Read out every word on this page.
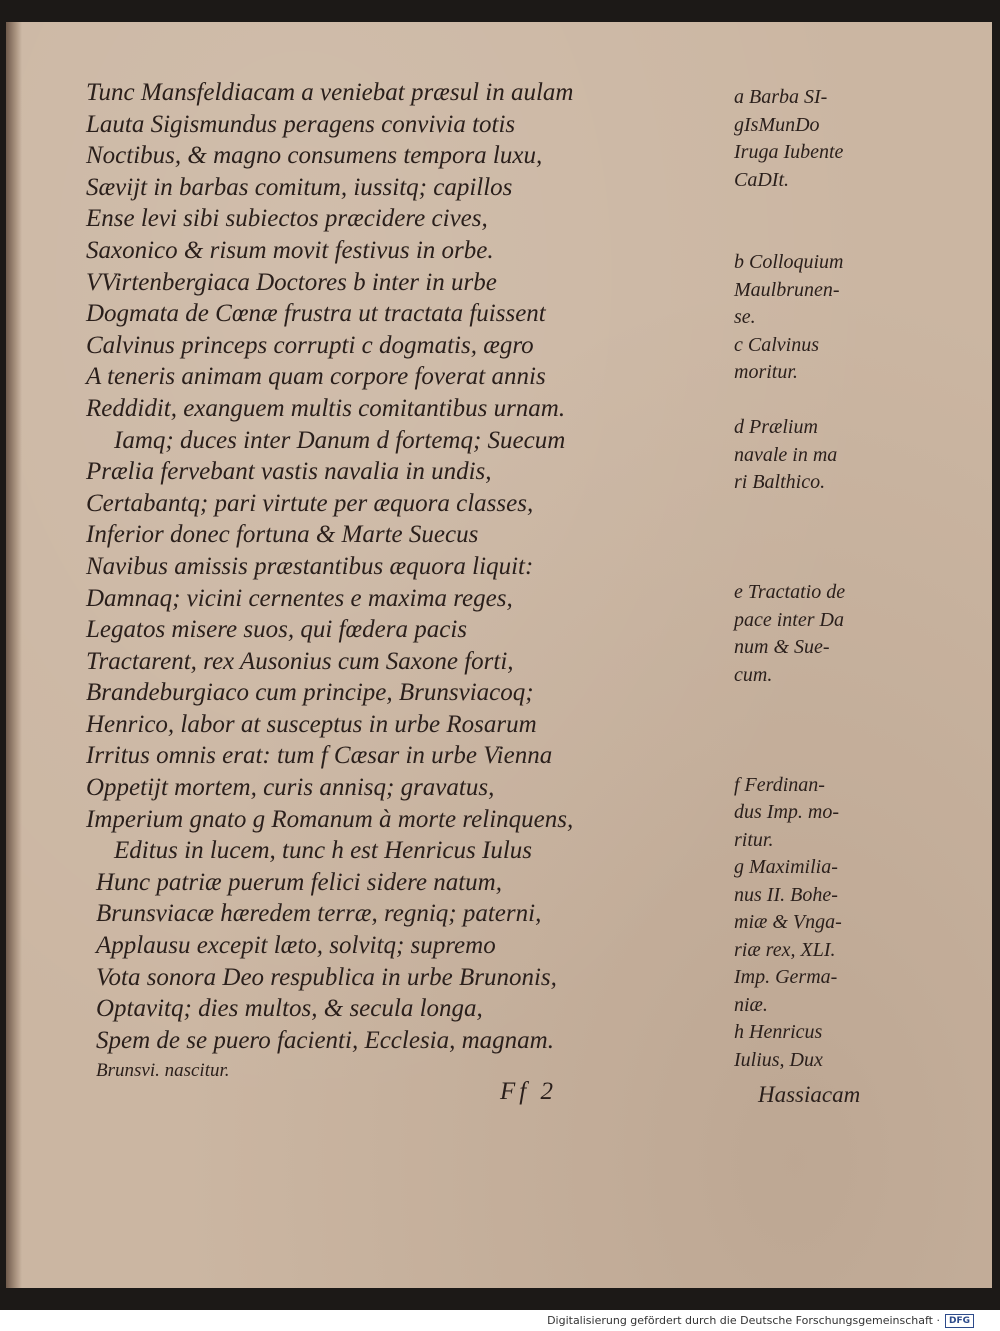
Tunc Mansfeldiacam a veniebat præsul in aulam
Lauta Sigismundus peragens convivia totis
Noctibus, & magno consumens tempora luxu,
Sævijt in barbas comitum, iussitq; capillos
Ense levi sibi subiectos præcidere cives,
Saxonico & risum movit festivus in orbe.
VVirtenbergiaca Doctores b inter in urbe
Dogmata de Cœnæ frustra ut tractata fuissent
Calvinus princeps corrupti c dogmatis, ægro
A teneris animam quam corpore foverat annis
Reddidit, exanguem multis comitantibus urnam.
Iamq; duces inter Danum d fortemq; Suecum
Prælia fervebant vastis navalia in undis,
Certabantq; pari virtute per æquora classes,
Inferior donec fortuna & Marte Suecus
Navibus amissis præstantibus æquora liquit:
Damnaq; vicini cernentes e maxima reges,
Legatos misere suos, qui fœdera pacis
Tractarent, rex Ausonius cum Saxone forti,
Brandeburgiaco cum principe, Brunsviacoq;
Henrico, labor at susceptus in urbe Rosarum
Irritus omnis erat: tum f Cæsar in urbe Vienna
Oppetijt mortem, curis annisq; gravatus,
Imperium gnato g Romanum à morte relinquens,
Editus in lucem, tunc h est Henricus Iulus
Hunc patriæ puerum felici sidere natum,
Brunsviacæ hæredem terræ, regniq; paterni,
Applausu excepit læto, solvitq; supremo
Vota sonora Deo respublica in urbe Brunonis,
Optavitq; dies multos, & secula longa,
Spem de se puero facienti, Ecclesia, magnam.
Brunsvi. nascitur.
a Barba SI-
gIsMunDo
Iruga Iubente
CaDIt.
b Colloquium
Maulbrunen-
se.
c Calvinus
moritur.
d Prælium
navale in ma
ri Balthico.
e Tractatio de
pace inter Da
num & Sue-
cum.
f Ferdinan-
dus Imp. mo-
ritur.
g Maximilia-
nus II. Bohe-
miæ & Vnga-
riæ rex, XLI.
Imp. Germa-
niæ.
h Henricus
Iulius, Dux
Ff 2	Hassiacam
Digitalisierung gefördert durch die Deutsche Forschungsgemeinschaft ·	DFG
